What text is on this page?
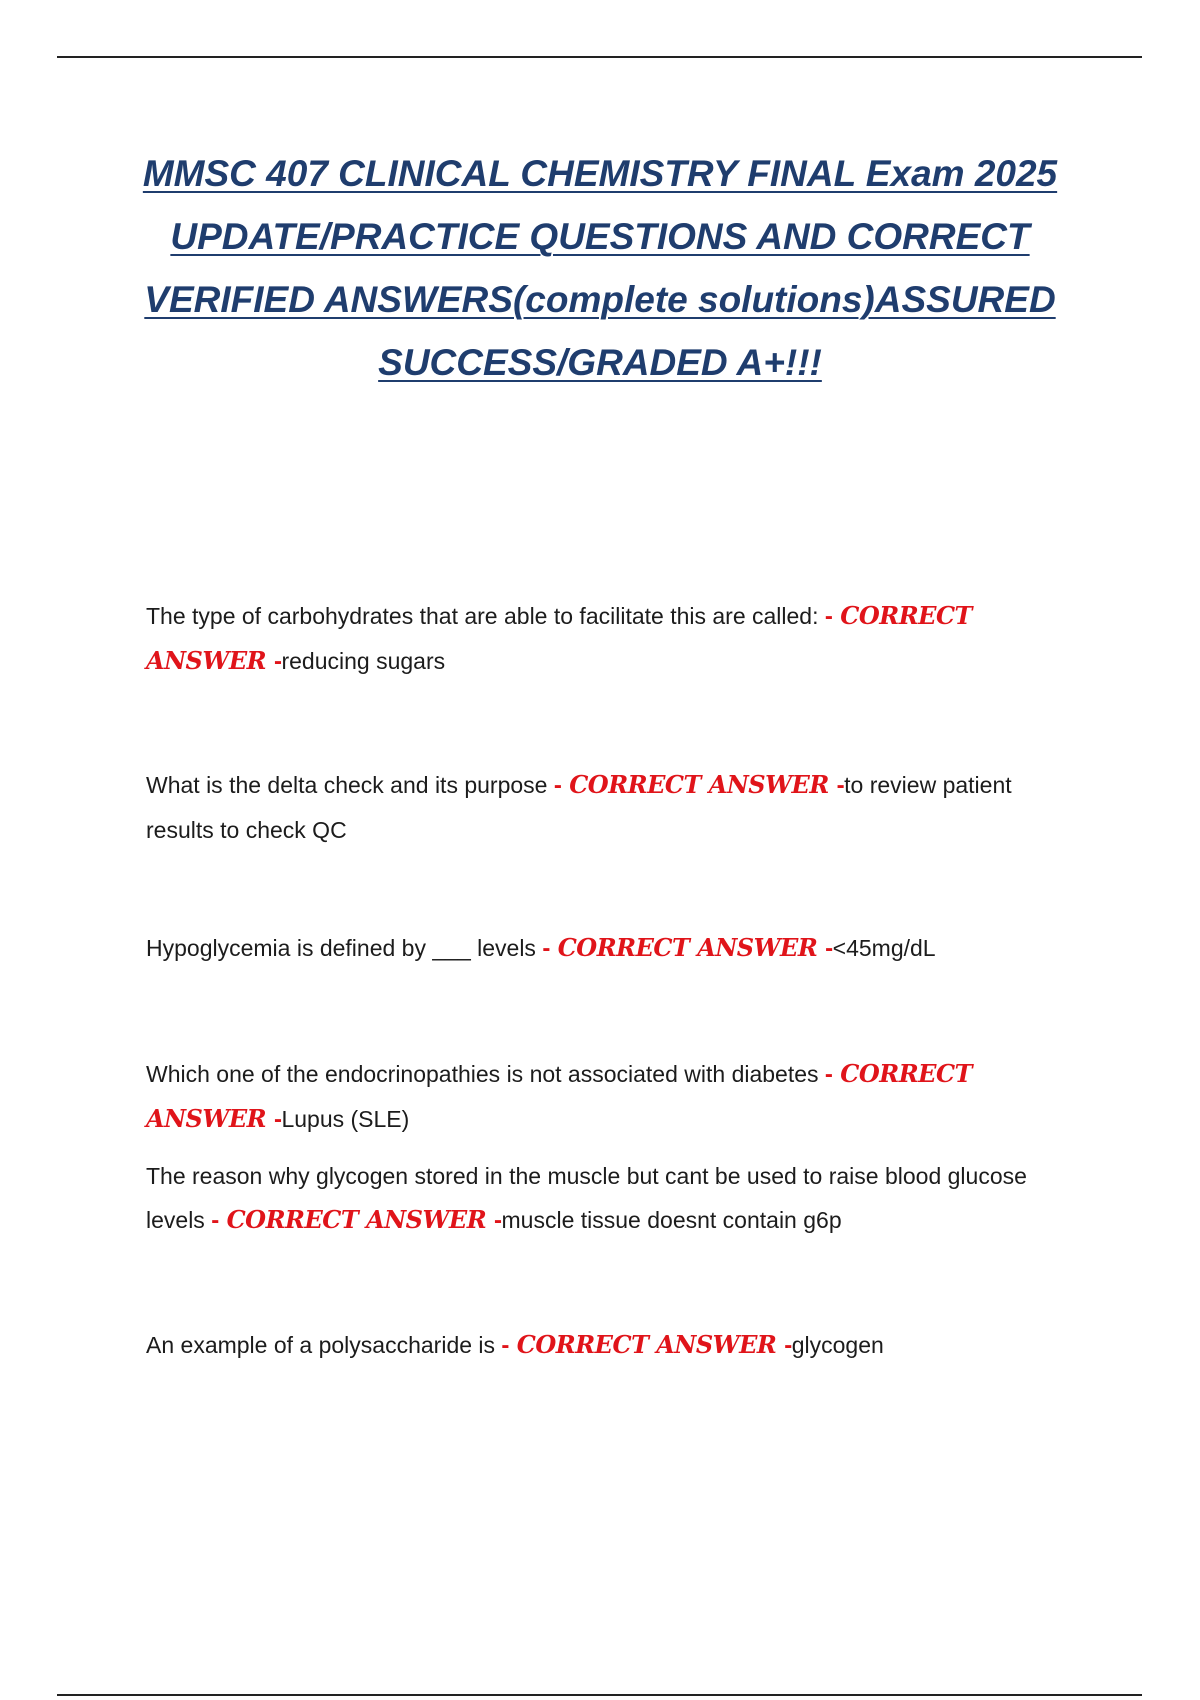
MMSC 407 CLINICAL CHEMISTRY FINAL Exam 2025 UPDATE/PRACTICE QUESTIONS AND CORRECT VERIFIED ANSWERS(complete solutions)ASSURED SUCCESS/GRADED A+!!!

The type of carbohydrates that are able to facilitate this are called: - CORRECT ANSWER -reducing sugars

What is the delta check and its purpose - CORRECT ANSWER -to review patient results to check QC

Hypoglycemia is defined by ___ levels - CORRECT ANSWER -<45mg/dL

Which one of the endocrinopathies is not associated with diabetes - CORRECT ANSWER -Lupus (SLE)

The reason why glycogen stored in the muscle but cant be used to raise blood glucose levels - CORRECT ANSWER -muscle tissue doesnt contain g6p

An example of a polysaccharide is - CORRECT ANSWER -glycogen
